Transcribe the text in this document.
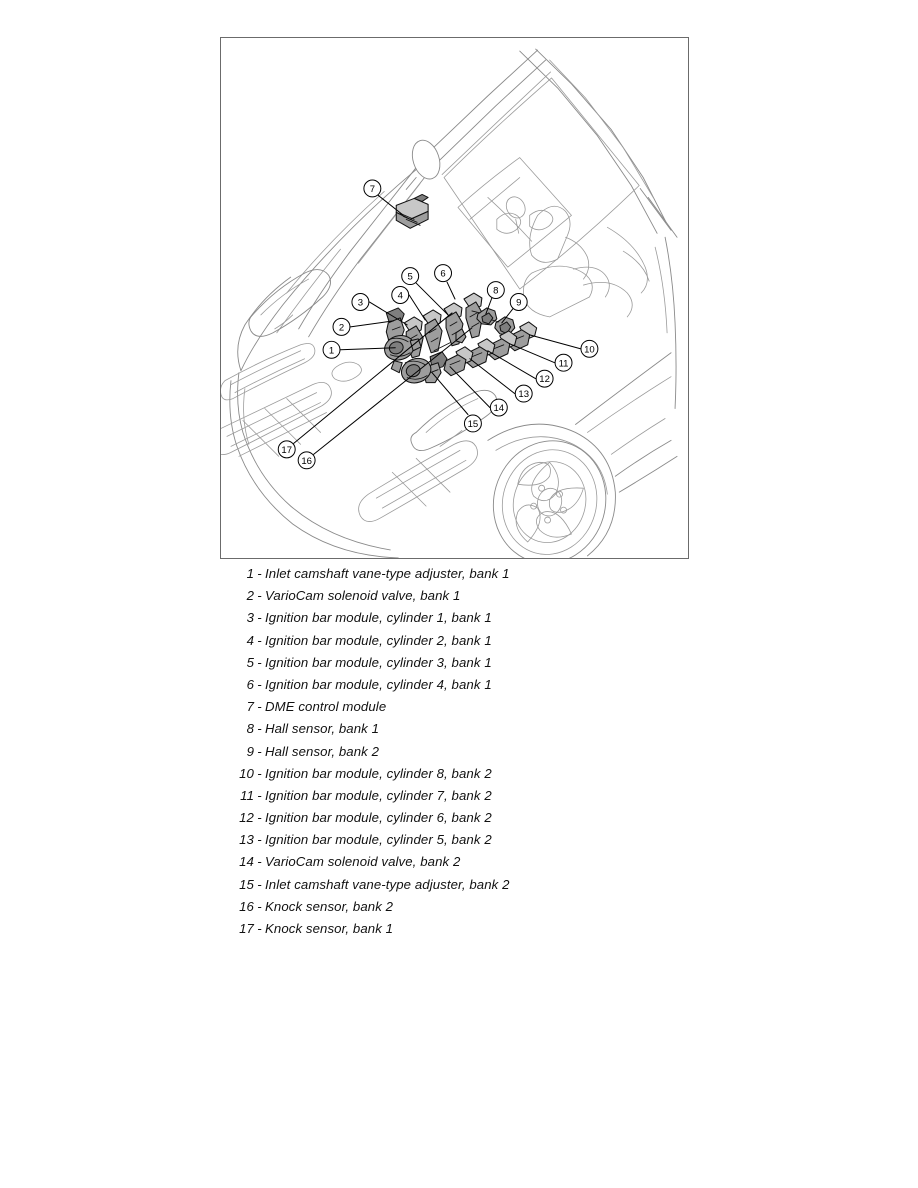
1
2
3
4
5	6
7
8
9
10
11
12
13
14
15
16
17
1 - Inlet camshaft vane-type adjuster, bank 1
2 - VarioCam solenoid valve, bank 1
3 - Ignition bar module, cylinder 1, bank 1
4 - Ignition bar module, cylinder 2, bank 1
5 - Ignition bar module, cylinder 3, bank 1
6 - Ignition bar module, cylinder 4, bank 1
7 - DME control module
8 - Hall sensor, bank 1
9 - Hall sensor, bank 2
10 - Ignition bar module, cylinder 8, bank 2
11 - Ignition bar module, cylinder 7, bank 2
12 - Ignition bar module, cylinder 6, bank 2
13 - Ignition bar module, cylinder 5, bank 2
14 - VarioCam solenoid valve, bank 2
15 - Inlet camshaft vane-type adjuster, bank 2
16 - Knock sensor, bank 2
17 - Knock sensor, bank 1
